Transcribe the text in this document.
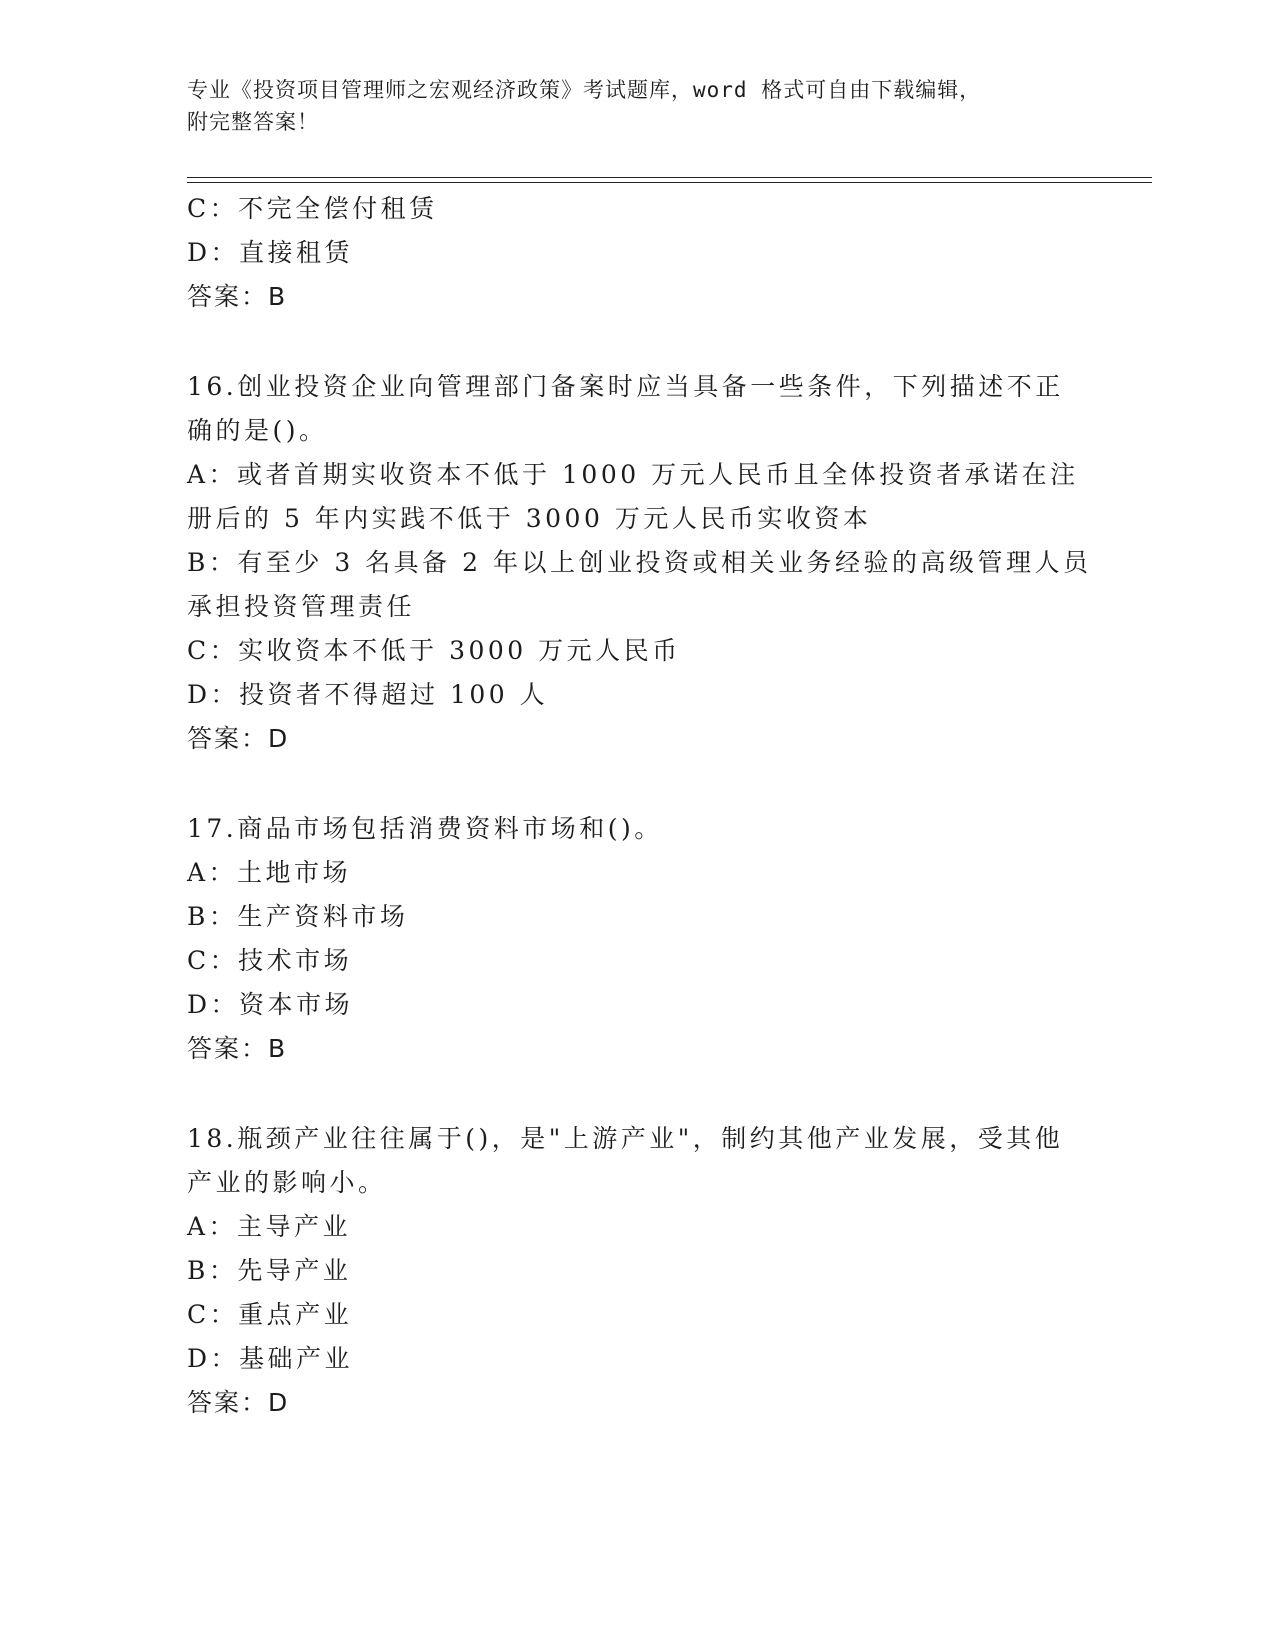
专业《投资项目管理师之宏观经济政策》考试题库，word 格式可自由下载编辑，
附完整答案！
C：不完全偿付租赁
D：直接租赁
答案：B
16.创业投资企业向管理部门备案时应当具备一些条件，下列描述不正
确的是()。
A：或者首期实收资本不低于 1000 万元人民币且全体投资者承诺在注
册后的 5 年内实践不低于 3000 万元人民币实收资本
B：有至少 3 名具备 2 年以上创业投资或相关业务经验的高级管理人员
承担投资管理责任
C：实收资本不低于 3000 万元人民币
D：投资者不得超过 100 人
答案：D
17.商品市场包括消费资料市场和()。
A：土地市场
B：生产资料市场
C：技术市场
D：资本市场
答案：B
18.瓶颈产业往往属于()，是"上游产业"，制约其他产业发展，受其他
产业的影响小。
A：主导产业
B：先导产业
C：重点产业
D：基础产业
答案：D
